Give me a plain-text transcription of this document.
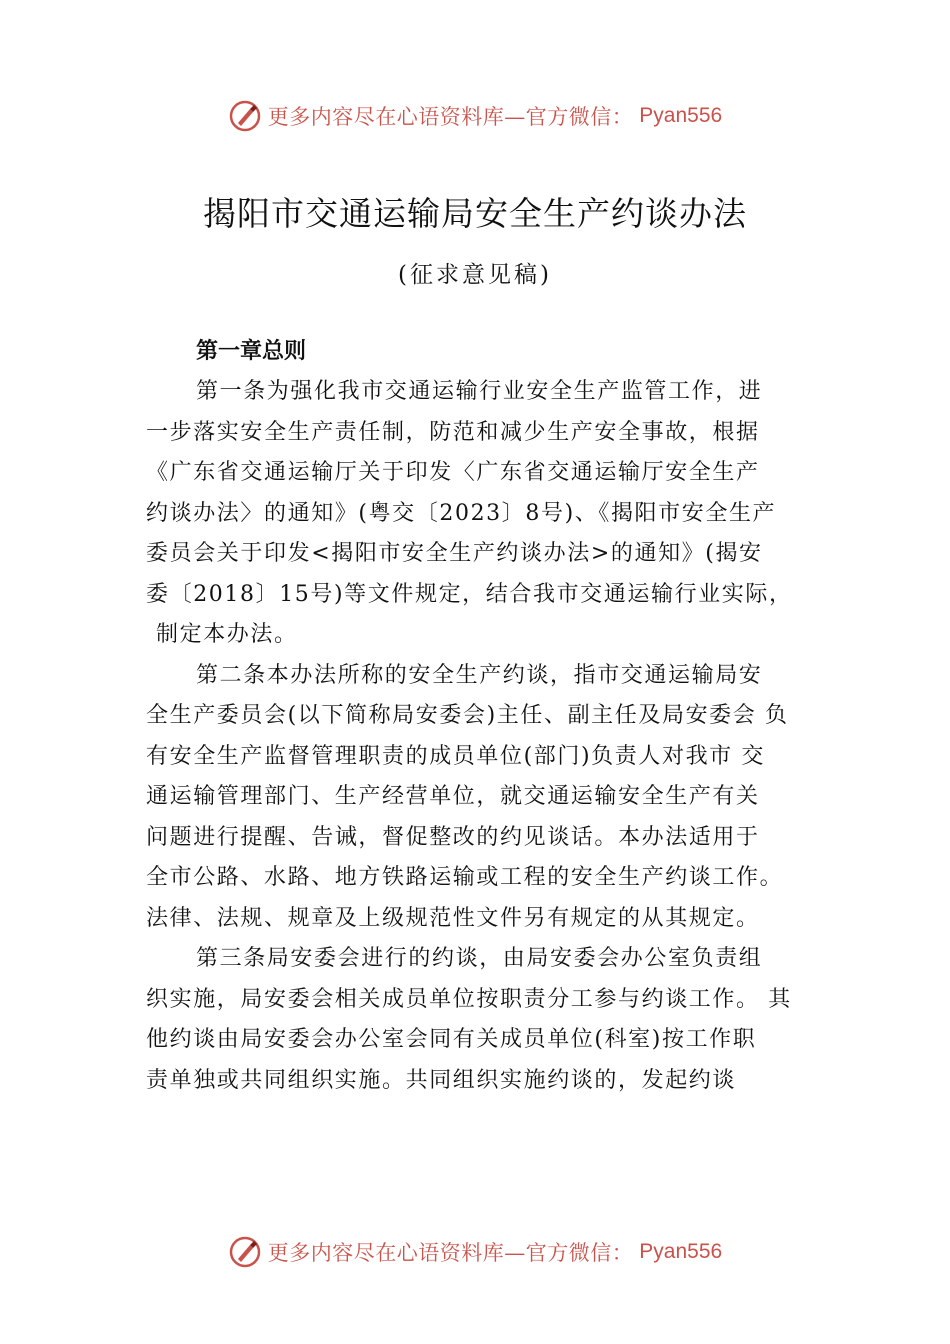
更多内容尽在心语资料库—官方微信： Pyan556
揭阳市交通运输局安全生产约谈办法
(征求意见稿)
第一章总则
第一条为强化我市交通运输行业安全生产监管工作，进
一步落实安全生产责任制，防范和减少生产安全事故，根据
《广东省交通运输厅关于印发〈广东省交通运输厅安全生产
约谈办法〉的通知》(粤交〔2023〕8号)、《揭阳市安全生产
委员会关于印发<揭阳市安全生产约谈办法>的通知》(揭安
委〔2018〕15号)等文件规定，结合我市交通运输行业实际，
制定本办法。
第二条本办法所称的安全生产约谈，指市交通运输局安
全生产委员会(以下简称局安委会)主任、副主任及局安委会 负
有安全生产监督管理职责的成员单位(部门)负责人对我市 交
通运输管理部门、生产经营单位，就交通运输安全生产有关
问题进行提醒、告诫，督促整改的约见谈话。本办法适用于
全市公路、水路、地方铁路运输或工程的安全生产约谈工作。
法律、法规、规章及上级规范性文件另有规定的从其规定。
第三条局安委会进行的约谈，由局安委会办公室负责组
织实施，局安委会相关成员单位按职责分工参与约谈工作。 其
他约谈由局安委会办公室会同有关成员单位(科室)按工作职
责单独或共同组织实施。共同组织实施约谈的，发起约谈
更多内容尽在心语资料库—官方微信： Pyan556
